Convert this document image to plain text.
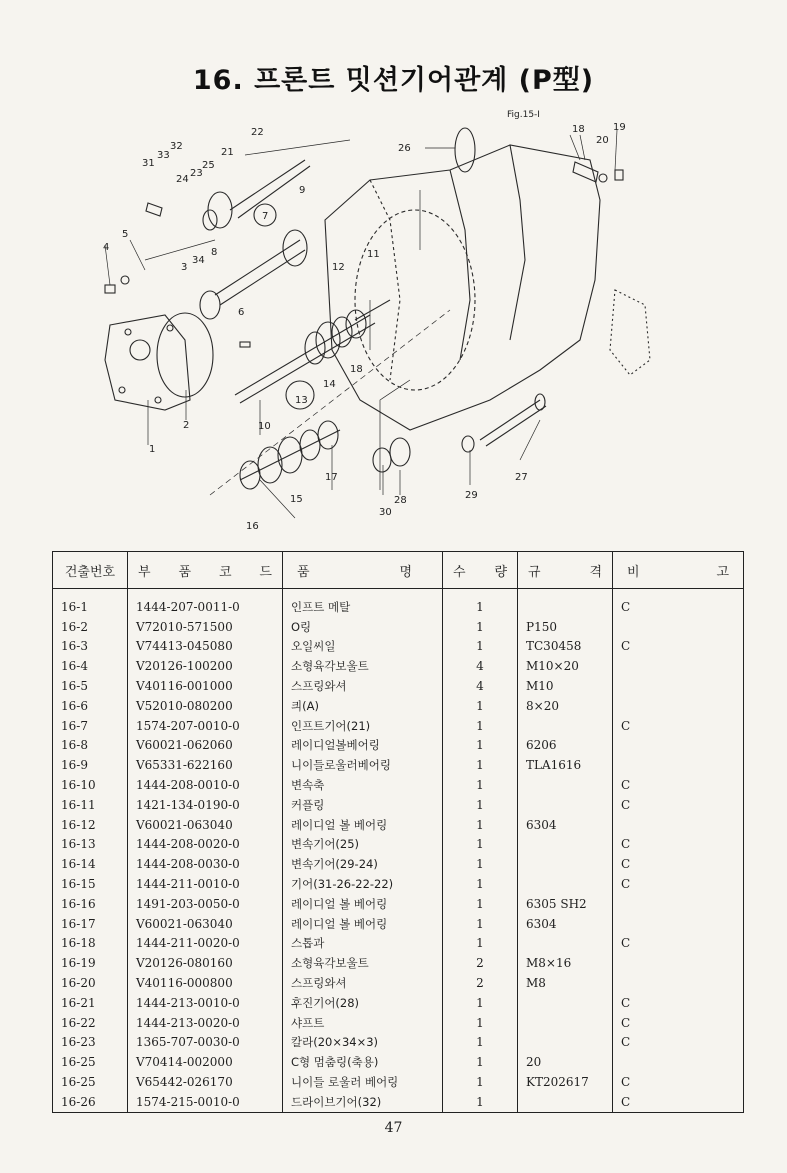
16. 프론트 밋션기어관계 (P型)
Fig.15-I
1
2
3
4
5
6
7
8
9
10
11
12
13
14
15
16
17
18	19
20
21
22
23
24
25
26
27
28	29
30
31
32
33
34
18
건출번호	부 품 코 드	품 명	수 량	규 격	비 고

16-1	1444-207-0011-0	인프트 메탈	1		C
16-2	V72010-571500	O링	1	P150	
16-3	V74413-045080	오일씨일	1	TC30458	C
16-4	V20126-100200	소형육각보울트	4	M10×20	
16-5	V40116-001000	스프링와셔	4	M10	
16-6	V52010-080200	킈(A)	1	8×20	
16-7	1574-207-0010-0	인프트기어(21)	1		C
16-8	V60021-062060	레이디얼볼베어링	1	6206	
16-9	V65331-622160	니이들로울러베어링	1	TLA1616	
16-10	1444-208-0010-0	변속축	1		C
16-11	1421-134-0190-0	커플링	1		C
16-12	V60021-063040	레이디얼 볼 베어링	1	6304	
16-13	1444-208-0020-0	변속기어(25)	1		C
16-14	1444-208-0030-0	변속기어(29-24)	1		C
16-15	1444-211-0010-0	기어(31-26-22-22)	1		C
16-16	1491-203-0050-0	레이디얼 볼 베어링	1	6305 SH2	
16-17	V60021-063040	레이디얼 볼 베어링	1	6304	
16-18	1444-211-0020-0	스톱과	1		C
16-19	V20126-080160	소형육각보울트	2	M8×16	
16-20	V40116-000800	스프링와셔	2	M8	
16-21	1444-213-0010-0	후진기어(28)	1		C
16-22	1444-213-0020-0	샤프트	1		C
16-23	1365-707-0030-0	칼라(20×34×3)	1		C
16-25	V70414-002000	C형 멈춤링(축용)	1	20	
16-25	V65442-026170	니이들 로울러 베어링	1	KT202617	C
16-26	1574-215-0010-0	드라이브기어(32)	1		C
47
